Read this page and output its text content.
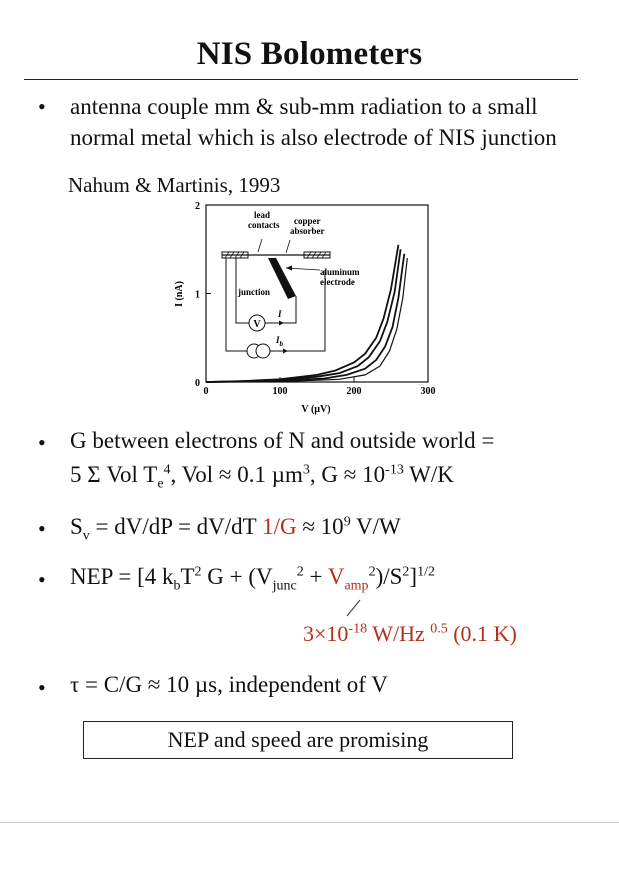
NIS Bolometers
• antenna couple mm & sub-mm radiation to a small
normal metal which is also electrode of NIS junction
Nahum & Martinis, 1993
0	100	200	300
0
1
2
V (µV)
I (nA)
lead
contacts copper
absorber
aluminum
electrode
junction
V
I
$I_b$
• G between electrons of N and outside world =
5 Σ Vol $T_e^4$, Vol ≈ 0.1 µm$^3$, $G \approx 10^{-13}$ W/K
• $S_v = dV/dP = dV/dT$ $1/G \approx 10^9$ V/W
• NEP = [4 $k_bT^2$ $G + (V_{junc}^2 + V_{amp}^2)/S^2]^{1/2}$
$3\times 10^{-18}$ W/Hz $^{0.5}$ (0.1 K)
• τ = C/G ≈ 10 µs, independent of V
NEP and speed are promising
